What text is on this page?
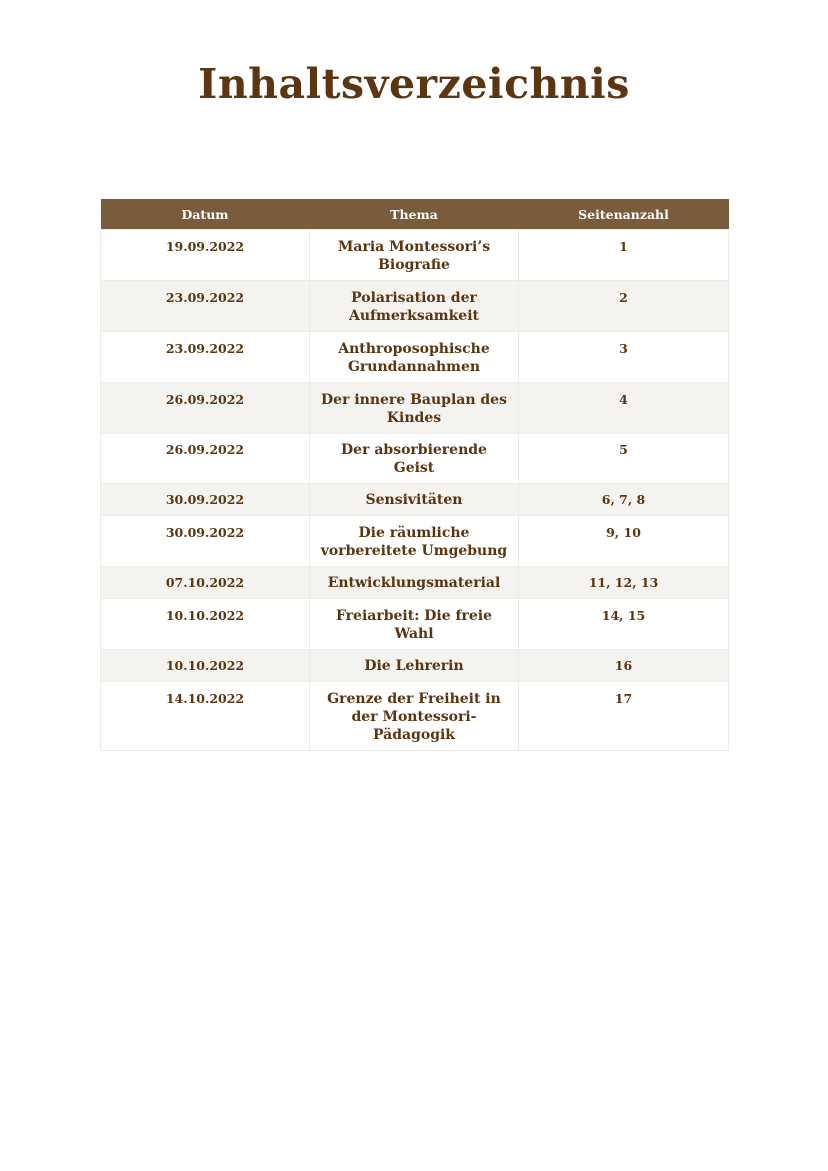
Inhaltsverzeichnis
Datum	Thema	Seitenanzahl
19.09.2022	Maria Montessori’s Biografie	1
23.09.2022	Polarisation der Aufmerksamkeit	2
23.09.2022	Anthroposophische Grundannahmen	3
26.09.2022	Der innere Bauplan des Kindes	4
26.09.2022	Der absorbierende Geist	5
30.09.2022	Sensivitäten	6, 7, 8
30.09.2022	Die räumliche vorbereitete Umgebung	9, 10
07.10.2022	Entwicklungsmaterial	11, 12, 13
10.10.2022	Freiarbeit: Die freie Wahl	14, 15
10.10.2022	Die Lehrerin	16
14.10.2022	Grenze der Freiheit in der Montessori-Pädagogik	17
